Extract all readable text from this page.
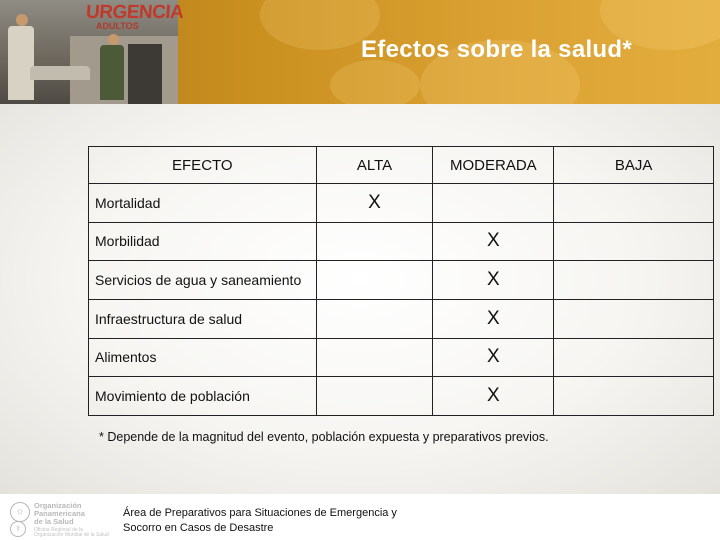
URGENCIA
ADULTOS
Efectos sobre la salud*
EFECTO	ALTA	MODERADA	BAJA
Mortalidad	X		
Morbilidad		X	
Servicios de agua y saneamiento		X	
Infraestructura de salud		X	
Alimentos		X	
Movimiento de población		X	
* Depende de la magnitud del evento, población expuesta y preparativos previos.
☼
⚕
Organización
Panamericana
de la Salud
Oficina Regional de la
Organización Mundial de la Salud
Área de Preparativos para Situaciones de Emergencia y
Socorro en Casos de Desastre
